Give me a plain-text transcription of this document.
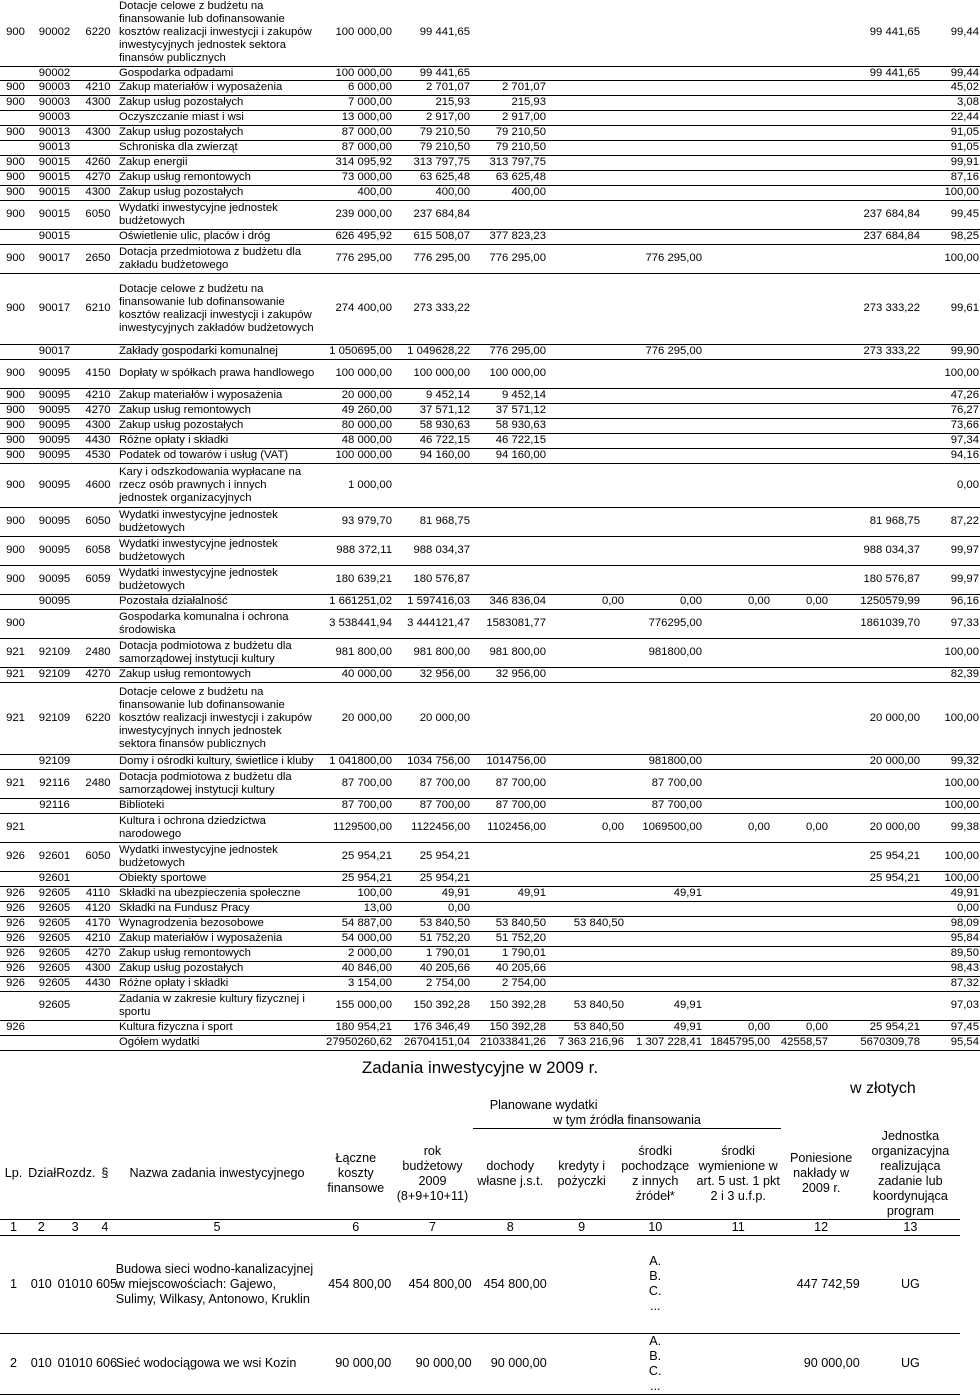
900	90002	6220	Dotacje celowe z budżetu na finansowanie lub dofinansowanie kosztów realizacji inwestycji i zakupów inwestycyjnych jednostek sektora finansów publicznych	100 000,00	99 441,65							99 441,65	99,44
	90002		Gospodarka odpadami	100 000,00	99 441,65							99 441,65	99,44
900	90003	4210	Zakup materiałów i wyposażenia	6 000,00	2 701,07	2 701,07							45,02
900	90003	4300	Zakup usług pozostałych	7 000,00	215,93	215,93							3,08
	90003		Oczyszczanie miast i wsi	13 000,00	2 917,00	2 917,00							22,44
900	90013	4300	Zakup usług pozostałych	87 000,00	79 210,50	79 210,50							91,05
	90013		Schroniska dla zwierząt	87 000,00	79 210,50	79 210,50							91,05
900	90015	4260	Zakup energii	314 095,92	313 797,75	313 797,75							99,91
900	90015	4270	Zakup usług remontowych	73 000,00	63 625,48	63 625,48							87,16
900	90015	4300	Zakup usług pozostałych	400,00	400,00	400,00							100,00
900	90015	6050	Wydatki inwestycyjne jednostek budżetowych	239 000,00	237 684,84							237 684,84	99,45
	90015		Oświetlenie ulic, placów i dróg	626 495,92	615 508,07	377 823,23						237 684,84	98,25
900	90017	2650	Dotacja przedmiotowa z budżetu dla zakładu budżetowego	776 295,00	776 295,00	776 295,00		776 295,00					100,00
900	90017	6210	Dotacje celowe z budżetu na finansowanie lub dofinansowanie kosztów realizacji inwestycji i zakupów inwestycyjnych zakładów budżetowych	274 400,00	273 333,22							273 333,22	99,61
	90017		Zakłady gospodarki komunalnej	1 050695,00	1 049628,22	776 295,00		776 295,00				273 333,22	99,90
900	90095	4150	Dopłaty w spółkach prawa handlowego	100 000,00	100 000,00	100 000,00							100,00
900	90095	4210	Zakup materiałów i wyposażenia	20 000,00	9 452,14	9 452,14							47,26
900	90095	4270	Zakup usług remontowych	49 260,00	37 571,12	37 571,12							76,27
900	90095	4300	Zakup usług pozostałych	80 000,00	58 930,63	58 930,63							73,66
900	90095	4430	Różne opłaty i składki	48 000,00	46 722,15	46 722,15							97,34
900	90095	4530	Podatek od towarów i usług (VAT)	100 000,00	94 160,00	94 160,00							94,16
900	90095	4600	Kary i odszkodowania wypłacane na rzecz osób prawnych i innych jednostek organizacyjnych	1 000,00									0,00
900	90095	6050	Wydatki inwestycyjne jednostek budżetowych	93 979,70	81 968,75							81 968,75	87,22
900	90095	6058	Wydatki inwestycyjne jednostek budżetowych	988 372,11	988 034,37							988 034,37	99,97
900	90095	6059	Wydatki inwestycyjne jednostek budżetowych	180 639,21	180 576,87							180 576,87	99,97
	90095		Pozostała działalność	1 661251,02	1 597416,03	346 836,04	0,00	0,00	0,00	0,00		1250579,99	96,16
900			Gospodarka komunalna i ochrona środowiska	3 538441,94	3 444121,47	1583081,77		776295,00				1861039,70	97,33
921	92109	2480	Dotacja podmiotowa z budżetu dla samorządowej instytucji kultury	981 800,00	981 800,00	981 800,00		981800,00					100,00
921	92109	4270	Zakup usług remontowych	40 000,00	32 956,00	32 956,00							82,39
921	92109	6220	Dotacje celowe z budżetu na finansowanie lub dofinansowanie kosztów realizacji inwestycji i zakupów inwestycyjnych innych jednostek sektora finansów publicznych	20 000,00	20 000,00							20 000,00	100,00
	92109		Domy i ośrodki kultury, świetlice i kluby	1 041800,00	1034 756,00	1014756,00		981800,00				20 000,00	99,32
921	92116	2480	Dotacja podmiotowa z budżetu dla samorządowej instytucji kultury	87 700,00	87 700,00	87 700,00		87 700,00					100,00
	92116		Biblioteki	87 700,00	87 700,00	87 700,00		87 700,00					100,00
921			Kultura i ochrona dziedzictwa narodowego	1129500,00	1122456,00	1102456,00	0,00	1069500,00	0,00	0,00		20 000,00	99,38
926	92601	6050	Wydatki inwestycyjne jednostek budżetowych	25 954,21	25 954,21							25 954,21	100,00
	92601		Obiekty sportowe	25 954,21	25 954,21							25 954,21	100,00
926	92605	4110	Składki na ubezpieczenia społeczne	100,00	49,91	49,91		49,91					49,91
926	92605	4120	Składki na Fundusz Pracy	13,00	0,00								0,00
926	92605	4170	Wynagrodzenia bezosobowe	54 887,00	53 840,50	53 840,50	53 840,50						98,09
926	92605	4210	Zakup materiałów i wyposażenia	54 000,00	51 752,20	51 752,20							95,84
926	92605	4270	Zakup usług remontowych	2 000,00	1 790,01	1 790,01							89,50
926	92605	4300	Zakup usług pozostałych	40 846,00	40 205,66	40 205,66							98,43
926	92605	4430	Różne opłaty i składki	3 154,00	2 754,00	2 754,00							87,32
	92605		Zadania w zakresie kultury fizycznej i sportu	155 000,00	150 392,28	150 392,28	53 840,50	49,91					97,03
926			Kultura fizyczna i sport	180 954,21	176 346,49	150 392,28	53 840,50	49,91	0,00	0,00		25 954,21	97,45
			Ogółem wydatki	27950260,62	26704151,04	21033841,26	7 363 216,96	1 307 228,41	1845795,00	42558,57		5670309,78	95,54
Zadania inwestycyjne w 2009 r.
w złotych
						Planowane wydatki						
							w tym źródła finansowania					
Lp.	Dział	Rozdz.	§	Nazwa zadania inwestycyjnego	Łączne koszty finansowe	rok budżetowy 2009 (8+9+10+11)	dochody własne j.s.t.	kredyty i pożyczki	środki pochodzące z innych źródeł*	środki wymienione w art. 5 ust. 1 pkt 2 i 3 u.f.p.	Poniesione nakłady w 2009 r.	Jednostka organizacyjna realizująca zadanie lub koordynująca program
1	2	3	4	5	6	7	8	9	10	11	12	13
1	010	01010	605	Budowa sieci wodno-kanalizacyjnej w miejscowościach: Gajewo, Sulimy, Wilkasy, Antonowo, Kruklin	454 800,00	454 800,00	454 800,00		A.
B.
C.
...		447 742,59	UG
2	010	01010	606	Sieć wodociągowa we wsi Kozin	90 000,00	90 000,00	90 000,00		A.
B.
C.
...		90 000,00	UG
